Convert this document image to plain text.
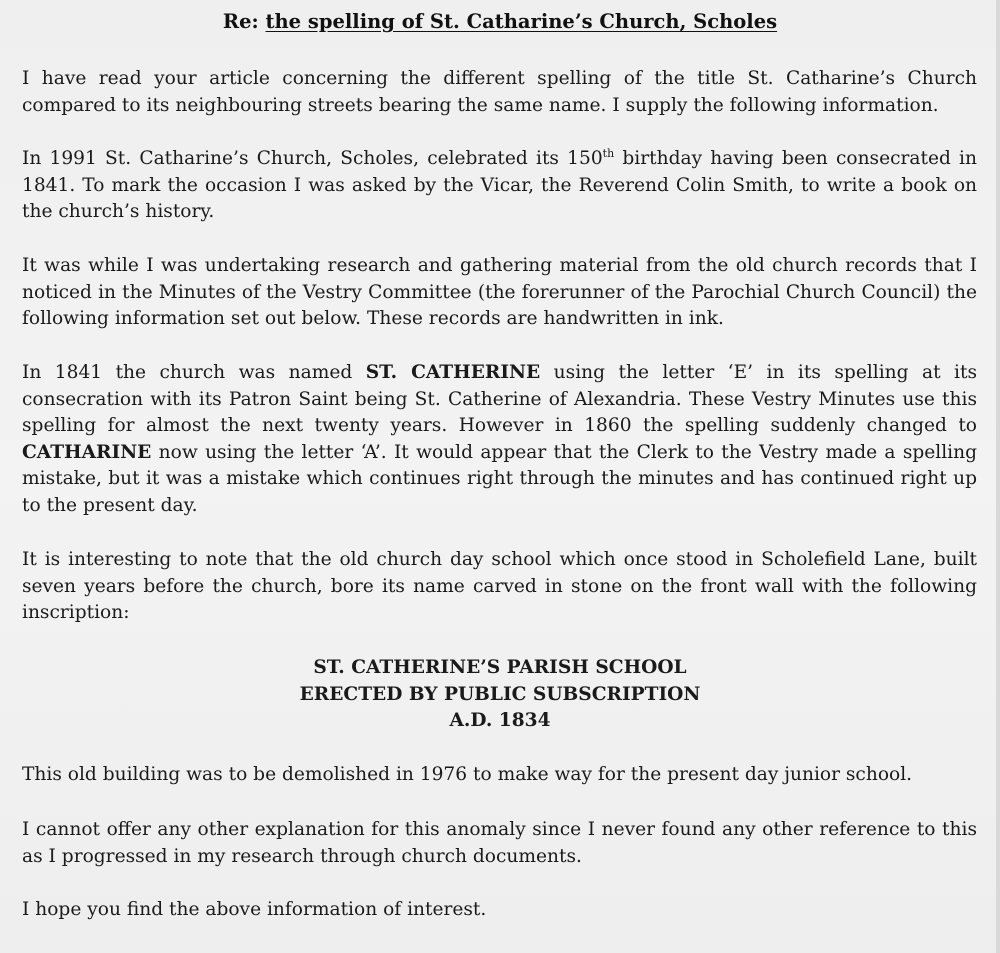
Re: the spelling of St. Catharine’s Church, Scholes

I have read your article concerning the different spelling of the title St. Catharine’s Church compared to its neighbouring streets bearing the same name. I supply the following information.

In 1991 St. Catharine’s Church, Scholes, celebrated its 150th birthday having been consecrated in 1841. To mark the occasion I was asked by the Vicar, the Reverend Colin Smith, to write a book on the church’s history.

It was while I was undertaking research and gathering material from the old church records that I noticed in the Minutes of the Vestry Committee (the forerunner of the Parochial Church Council) the following information set out below. These records are handwritten in ink.

In 1841 the church was named ST. CATHERINE using the letter ‘E’ in its spelling at its consecration with its Patron Saint being St. Catherine of Alexandria. These Vestry Minutes use this spelling for almost the next twenty years. However in 1860 the spelling suddenly changed to CATHARINE now using the letter ‘A’. It would appear that the Clerk to the Vestry made a spelling mistake, but it was a mistake which continues right through the minutes and has continued right up to the present day.

It is interesting to note that the old church day school which once stood in Scholefield Lane, built seven years before the church, bore its name carved in stone on the front wall with the following inscription:

ST. CATHERINE’S PARISH SCHOOL
ERECTED BY PUBLIC SUBSCRIPTION
A.D. 1834

This old building was to be demolished in 1976 to make way for the present day junior school.

I cannot offer any other explanation for this anomaly since I never found any other reference to this as I progressed in my research through church documents.

I hope you find the above information of interest.
